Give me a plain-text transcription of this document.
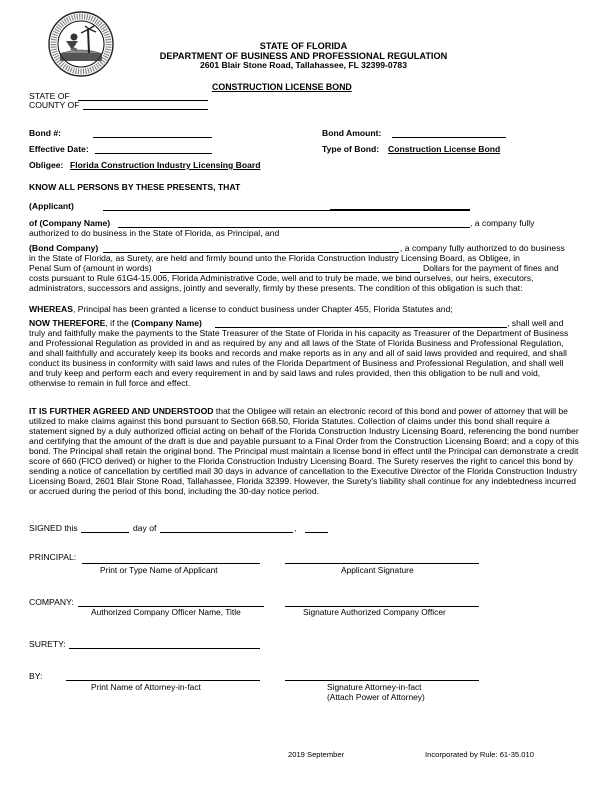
STATE OF FLORIDA
DEPARTMENT OF BUSINESS AND PROFESSIONAL REGULATION
2601 Blair Stone Road, Tallahassee, FL 32399-0783
CONSTRUCTION LICENSE BOND
STATE OF
COUNTY OF
Bond #:	Bond Amount:
Effective Date:	Type of Bond: Construction License Bond
Obligee: Florida Construction Industry Licensing Board
KNOW ALL PERSONS BY THESE PRESENTS, THAT
(Applicant)
of (Company Name)	, a company fully
authorized to do business in the State of Florida, as Principal, and
(Bond Company)	, a company fully authorized to do business
in the State of Florida, as Surety, are held and firmly bound unto the Florida Construction Industry Licensing Board, as Obligee, in
Penal Sum of (amount in words)	Dollars for the payment of fines and
costs pursuant to Rule 61G4-15.006, Florida Administrative Code, well and to truly be made, we bind ourselves, our heirs, executors, administrators, successors and assigns, jointly and severally, firmly by these presents. The condition of this obligation is such that:
WHEREAS, Principal has been granted a license to conduct business under Chapter 455, Florida Statutes and;
NOW THEREFORE, if the (Company Name)	, shall well and
truly and faithfully make the payments to the State Treasurer of the State of Florida in his capacity as Treasurer of the Department of Business and Professional Regulation as provided in and as required by any and all laws of the State of Florida Business and Professional Regulation, and shall faithfully and accurately keep its books and records and make reports as in any and all of said laws provided and required, and shall conduct its business in conformity with said laws and rules of the Florida Department of Business and Professional Regulation, and shall well and truly keep and perform each and every requirement in and by said laws and rules provided, then this obligation to be null and void, otherwise to remain in full force and effect.
IT IS FURTHER AGREED AND UNDERSTOOD that the Obligee will retain an electronic record of this bond and power of attorney that will be utilized to make claims against this bond pursuant to Section 668.50, Florida Statutes. Collection of claims under this bond shall require a statement signed by a duly authorized official acting on behalf of the Florida Construction Industry Licensing Board, referencing the bond number and certifying that the amount of the draft is due and payable pursuant to a Final Order from the Construction Licensing Board; and a copy of this bond. The Principal shall retain the original bond. The Principal must maintain a license bond in effect until the Principal can demonstrate a credit score of 660 (FICO derived) or higher to the Florida Construction Industry Licensing Board. The Surety reserves the right to cancel this bond by sending a notice of cancellation by certified mail 30 days in advance of cancellation to the Executive Director of the Florida Construction Industry Licensing Board, 2601 Blair Stone Road, Tallahassee, Florida 32399. However, the Surety's liability shall continue for any indebtedness incurred or accrued during the period of this bond, including the 30-day notice period.
SIGNED this	day of	,
PRINCIPAL:
Print or Type Name of Applicant	Applicant Signature
COMPANY:
Authorized Company Officer Name, Title	Signature Authorized Company Officer
SURETY:
BY:
Print Name of Attorney-in-fact	Signature Attorney-in-fact
(Attach Power of Attorney)
2019 September	Incorporated by Rule: 61-35.010
